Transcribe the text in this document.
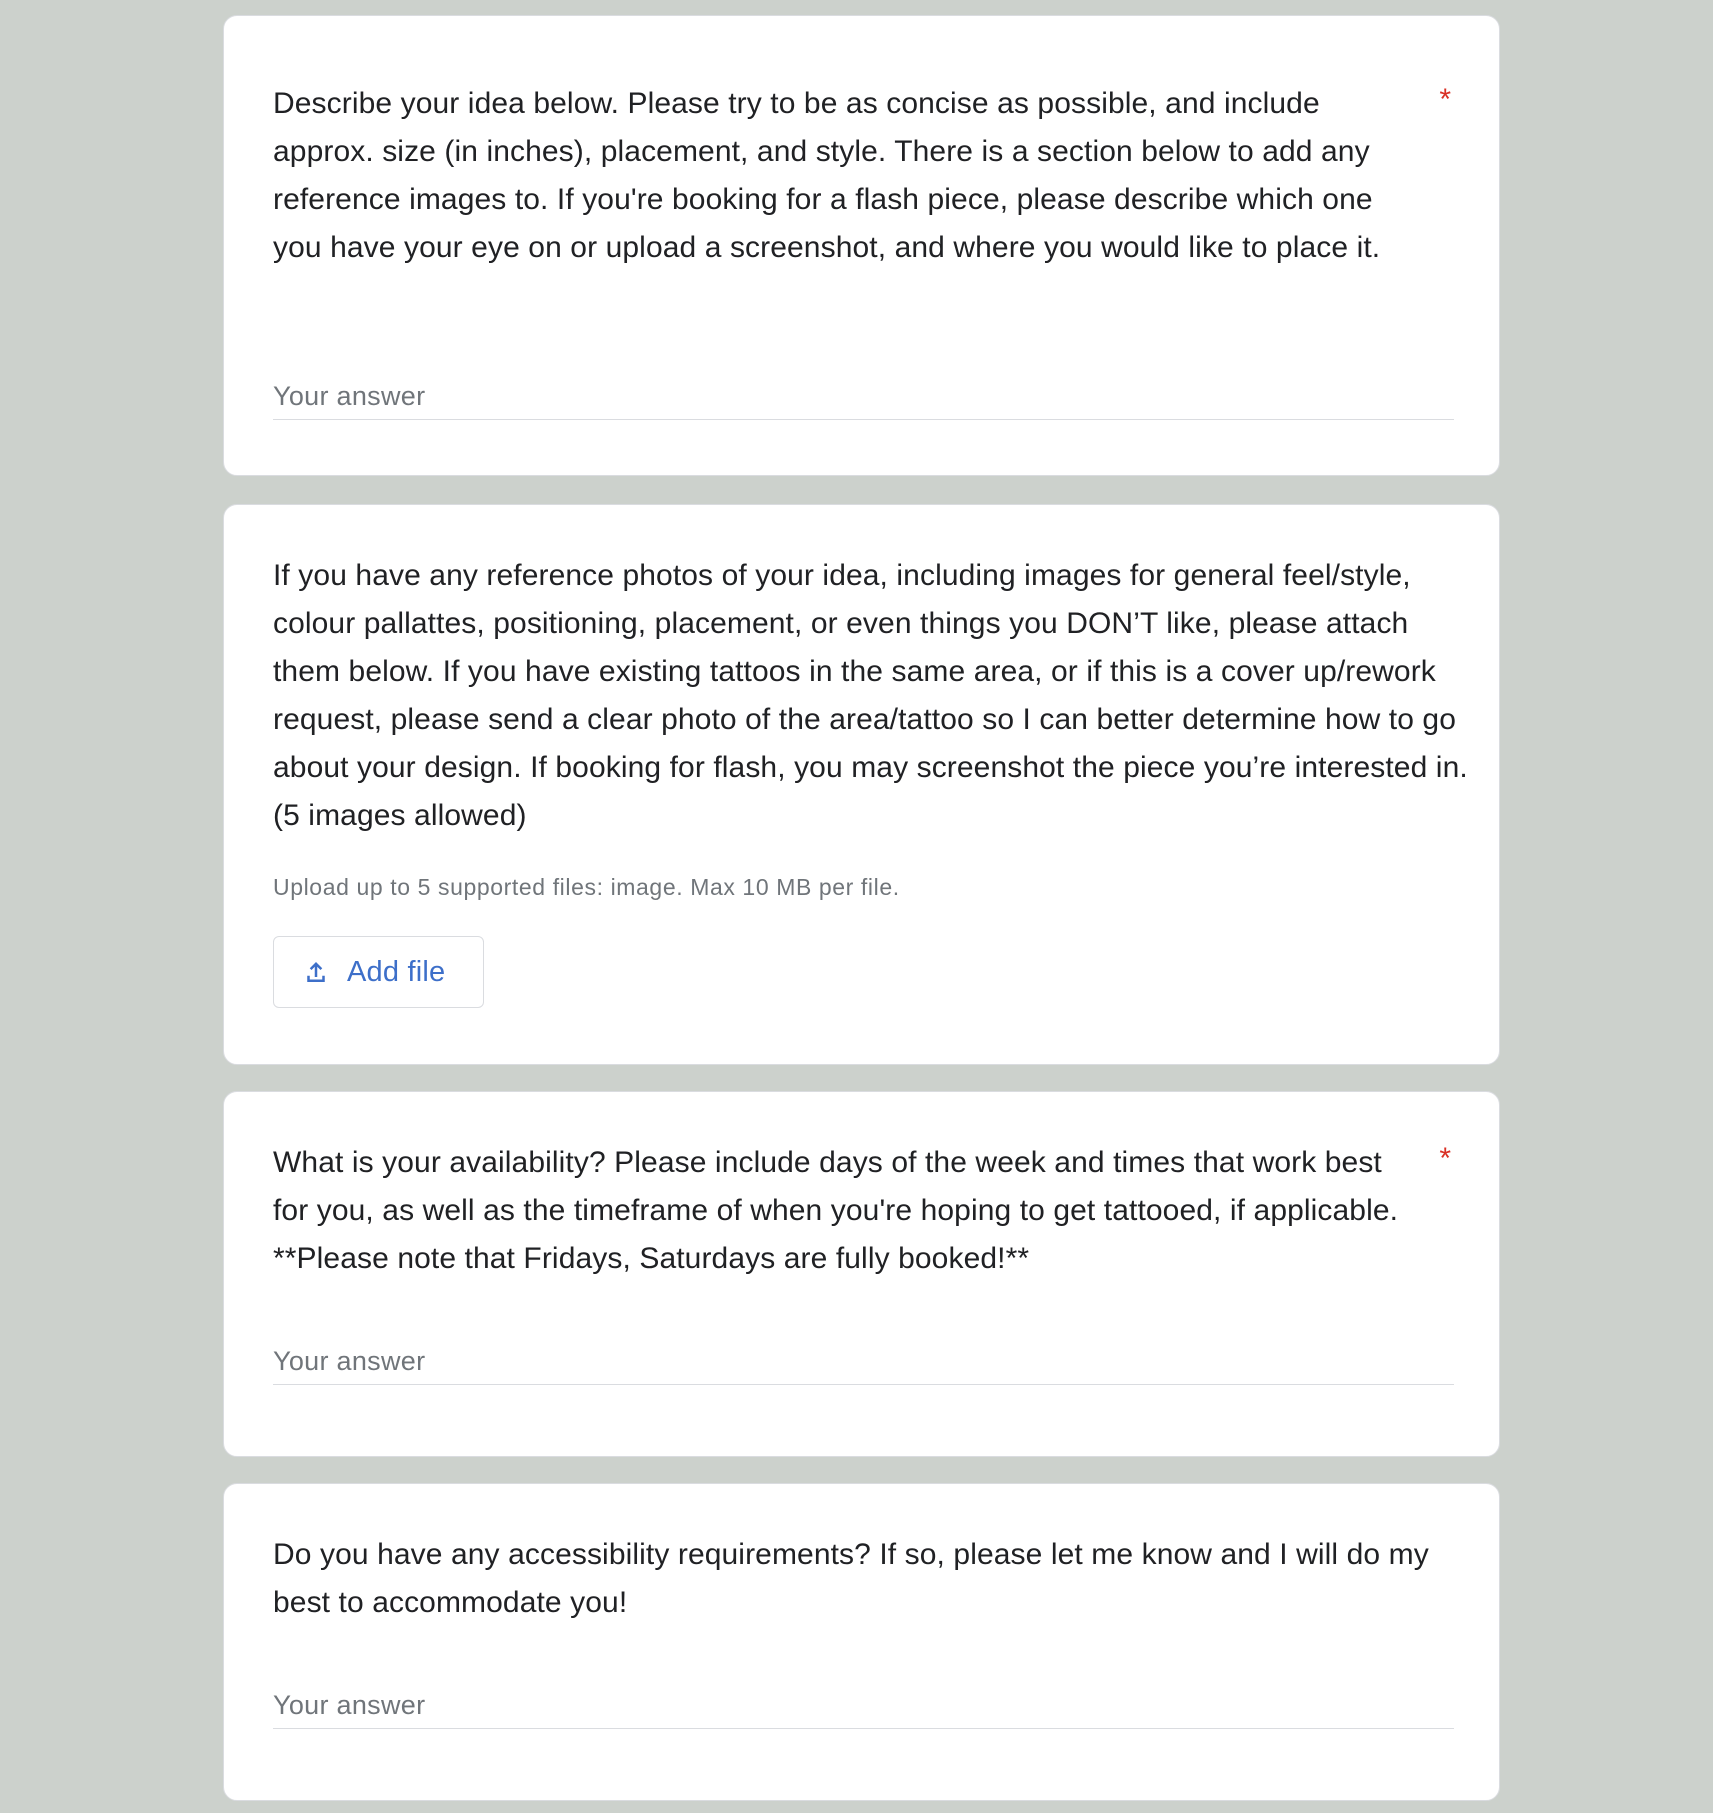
Describe your idea below. Please try to be as concise as possible, and include approx. size (in inches), placement, and style. There is a section below to add any reference images to. If you're booking for a flash piece, please describe which one you have your eye on or upload a screenshot, and where you would like to place it.

*
Your answer

If you have any reference photos of your idea, including images for general feel/style, colour pallattes, positioning, placement, or even things you DON’T like, please attach them below. If you have existing tattoos in the same area, or if this is a cover up/rework request, please send a clear photo of the area/tattoo so I can better determine how to go about your design. If booking for flash, you may screenshot the piece you’re interested in. (5 images allowed)

Upload up to 5 supported files: image. Max 10 MB per file.

Add file

What is your availability? Please include days of the week and times that work best for you, as well as the timeframe of when you're hoping to get tattooed, if applicable. **Please note that Fridays, Saturdays are fully booked!**

*
Your answer

Do you have any accessibility requirements? If so, please let me know and I will do my best to accommodate you!

Your answer
